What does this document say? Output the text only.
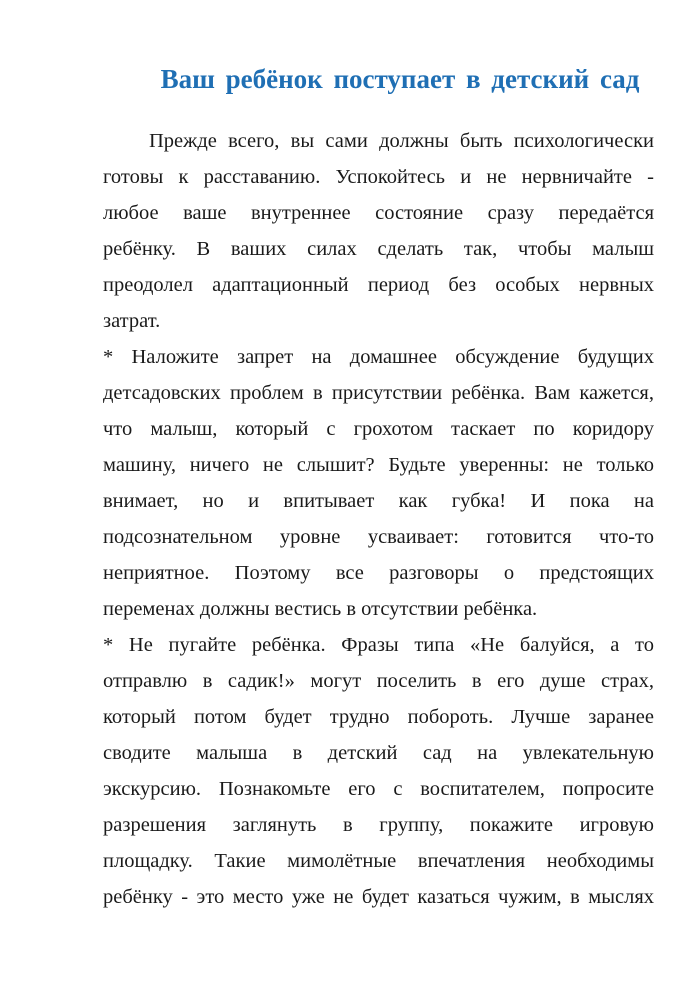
Ваш ребёнок поступает в детский сад
Прежде всего, вы сами должны быть психологически
готовы к расставанию. Успокойтесь и не нервничайте -
любое ваше внутреннее состояние сразу передаётся
ребёнку. В ваших силах сделать так, чтобы малыш
преодолел адаптационный период без особых нервных
затрат.
* Наложите запрет на домашнее обсуждение будущих
детсадовских проблем в присутствии ребёнка. Вам кажется,
что малыш, который с грохотом таскает по коридору
машину, ничего не слышит? Будьте уверенны: не только
внимает, но и впитывает как губка! И пока на
подсознательном уровне усваивает: готовится что-то
неприятное. Поэтому все разговоры о предстоящих
переменах должны вестись в отсутствии ребёнка.
* Не пугайте ребёнка. Фразы типа «Не балуйся, а то
отправлю в садик!» могут поселить в его душе страх,
который потом будет трудно побороть. Лучше заранее
сводите малыша в детский сад на увлекательную
экскурсию. Познакомьте его с воспитателем, попросите
разрешения заглянуть в группу, покажите игровую
площадку. Такие мимолётные впечатления необходимы
ребёнку - это место уже не будет казаться чужим, в мыслях
